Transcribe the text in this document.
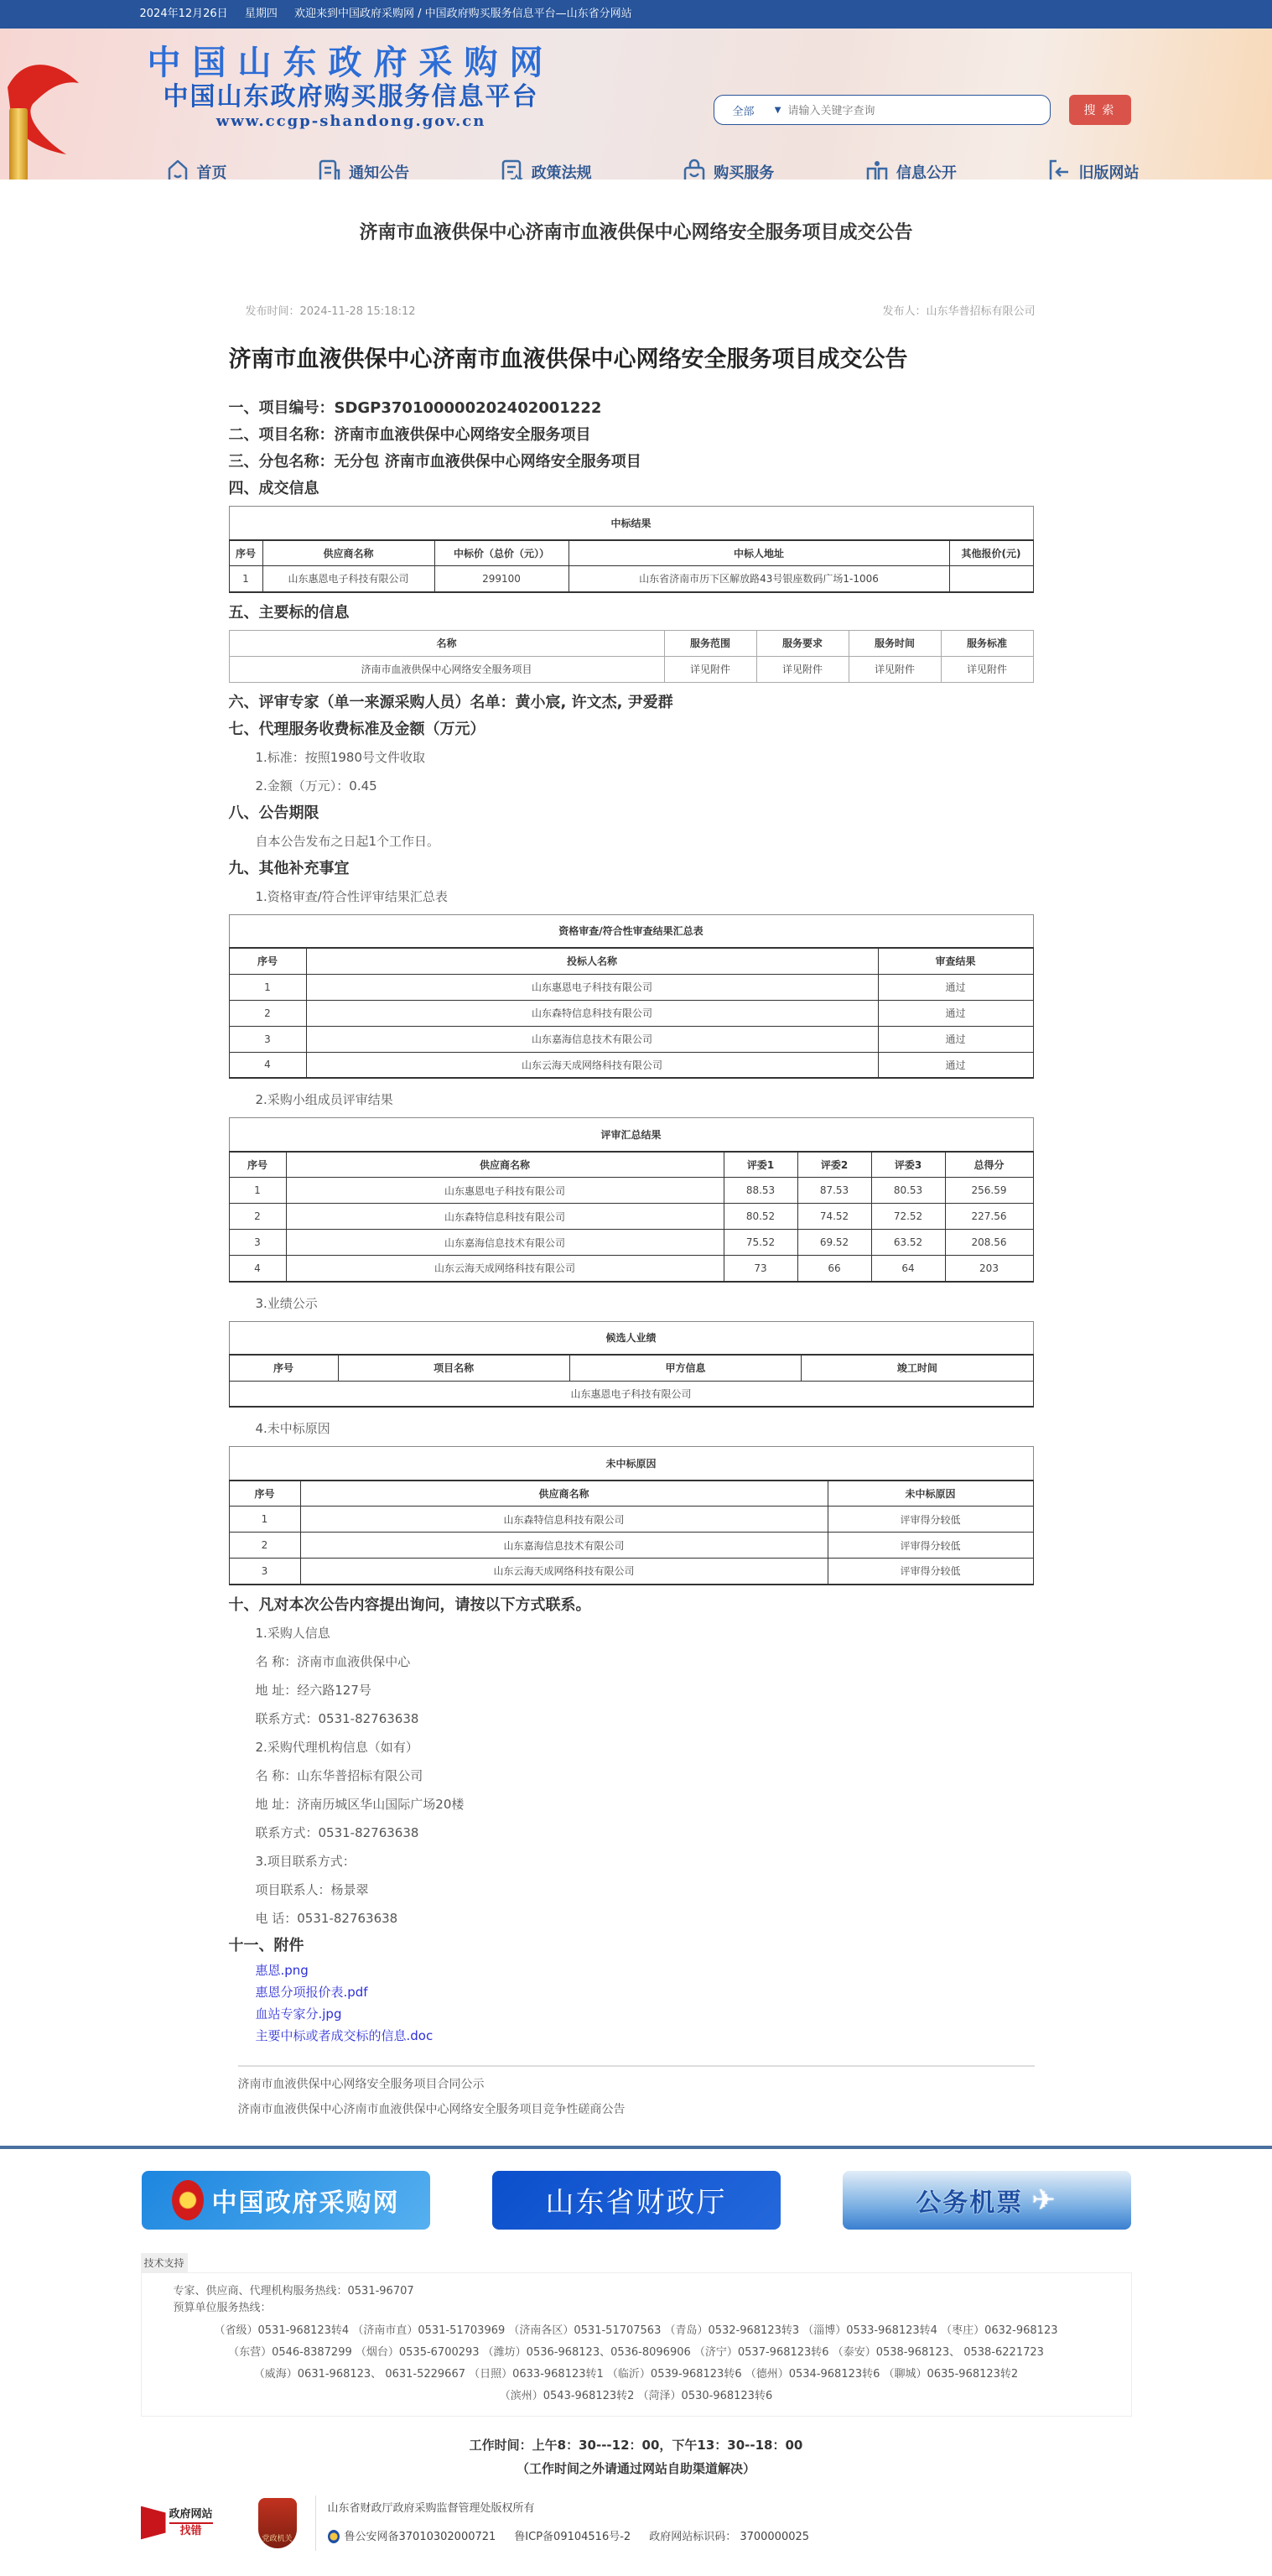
2024年12月26日 星期四 欢迎来到中国政府采购网 / 中国政府购买服务信息平台—山东省分网站
中国山东政府采购网
中国山东政府购买服务信息平台
www.ccgp-shandong.gov.cn
全部 ▼
请输入关键字查询	搜 索
首页	通知公告	政策法规	购买服务	信息公开	旧版网站
济南市血液供保中心济南市血液供保中心网络安全服务项目成交公告
发布时间：2024-11-28 15:18:12	发布人：山东华普招标有限公司
济南市血液供保中心济南市血液供保中心网络安全服务项目成交公告
一、项目编号：SDGP370100000202402001222
二、项目名称：济南市血液供保中心网络安全服务项目
三、分包名称：无分包 济南市血液供保中心网络安全服务项目
四、成交信息
中标结果				
序号	供应商名称	中标价（总价（元））	中标人地址	其他报价(元)
1	山东惠恩电子科技有限公司	299100	山东省济南市历下区解放路43号银座数码广场1-1006	
五、主要标的信息
名称	服务范围	服务要求	服务时间	服务标准
济南市血液供保中心网络安全服务项目	详见附件	详见附件	详见附件	详见附件
六、评审专家（单一来源采购人员）名单：黄小宸, 许文杰, 尹爱群
七、代理服务收费标准及金额（万元）
1.标准：按照1980号文件收取
2.金额（万元）：0.45
八、公告期限
自本公告发布之日起1个工作日。
九、其他补充事宜
1.资格审查/符合性评审结果汇总表
资格审查/符合性审查结果汇总表		
序号	投标人名称	审查结果
1	山东惠恩电子科技有限公司	通过
2	山东森特信息科技有限公司	通过
3	山东嘉海信息技术有限公司	通过
4	山东云海天成网络科技有限公司	通过
2.采购小组成员评审结果
评审汇总结果					
序号	供应商名称	评委1	评委2	评委3	总得分
1	山东惠恩电子科技有限公司	88.53	87.53	80.53	256.59
2	山东森特信息科技有限公司	80.52	74.52	72.52	227.56
3	山东嘉海信息技术有限公司	75.52	69.52	63.52	208.56
4	山东云海天成网络科技有限公司	73	66	64	203
3.业绩公示
候选人业绩
序号	项目名称	甲方信息	竣工时间
山东惠恩电子科技有限公司
4.未中标原因
未中标原因		
序号	供应商名称	未中标原因
1	山东森特信息科技有限公司	评审得分较低
2	山东嘉海信息技术有限公司	评审得分较低
3	山东云海天成网络科技有限公司	评审得分较低
十、凡对本次公告内容提出询问，请按以下方式联系。
1.采购人信息
名 称：济南市血液供保中心
地 址：经六路127号
联系方式：0531-82763638
2.采购代理机构信息（如有）
名 称：山东华普招标有限公司
地 址：济南历城区华山国际广场20楼
联系方式：0531-82763638
3.项目联系方式：
项目联系人：杨景翠
电 话：0531-82763638
十一、附件
惠恩.png
惠恩分项报价表.pdf
血站专家分.jpg
主要中标或者成交标的信息.doc
济南市血液供保中心网络安全服务项目合同公示
济南市血液供保中心济南市血液供保中心网络安全服务项目竞争性磋商公告
中国政府采购网	山东省财政厅	公务机票 ✈
技术支持
专家、供应商、代理机构服务热线：0531-96707
预算单位服务热线：
（省级）0531-968123转4 （济南市直）0531-51703969 （济南各区）0531-51707563 （青岛）0532-968123转3 （淄博）0533-968123转4 （枣庄）0632-968123
（东营）0546-8387299 （烟台）0535-6700293 （潍坊）0536-968123、0536-8096906 （济宁）0537-968123转6 （泰安）0538-968123、 0538-6221723
（威海）0631-968123、 0631-5229667 （日照）0633-968123转1 （临沂）0539-968123转6 （德州）0534-968123转6 （聊城）0635-968123转2
（滨州）0543-968123转2 （菏泽）0530-968123转6
工作时间：上午8：30---12：00，下午13：30--18：00
（工作时间之外请通过网站自助渠道解决）
政府网站
找错
党政机关
山东省财政厅政府采购监督管理处版权所有
鲁公安网备37010302000721 鲁ICP备09104516号-2 政府网站标识码： 3700000025
